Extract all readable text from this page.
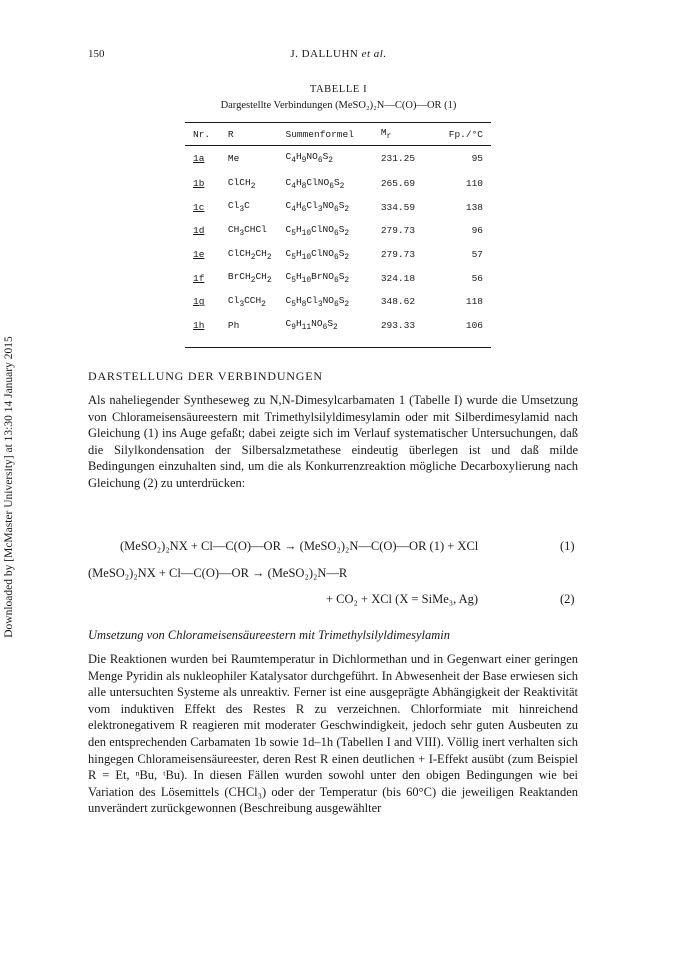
Downloaded by [McMaster University] at 13:30 14 January 2015
150	J. DALLUHN et al.
TABELLE I
Dargestellte Verbindungen (MeSO₂)₂N—C(O)—OR (1)
Nr.	R	Summenformel	$M_r$	Fp./°C
1a	Me	$C_4H_9NO_6S_2$	231.25	95
1b	ClCH$_2$	$C_4H_8ClNO_6S_2$	265.69	110
1c	$Cl_3C$	$C_4H_6Cl_3NO_6S_2$	334.59	138
1d	$CH_3CHCl$	$C_5H_{10}ClNO_6S_2$	279.73	96
1e	$ClCH_2CH_2$	$C_5H_{10}ClNO_6S_2$	279.73	57
1f	$BrCH_2CH_2$	$C_5H_{10}BrNO_6S_2$	324.18	56
1g	$Cl_3CCH_2$	$C_5H_8Cl_3NO_6S_2$	348.62	118
1h	Ph	$C_9H_{11}NO_6S_2$	293.33	106
DARSTELLUNG DER VERBINDUNGEN

Als naheliegender Syntheseweg zu N,N-Dimesylcarbamaten 1 (Tabelle I) wurde die Umsetzung von Chlorameisensäureestern mit Trimethylsilyldimesylamin oder mit Silberdimesylamid nach Gleichung (1) ins Auge gefaßt; dabei zeigte sich im Verlauf systematischer Untersuchungen, daß die Silylkondensation der Silbersalzmetathese eindeutig überlegen ist und daß milde Bedingungen einzuhalten sind, um die als Konkurrenzreaktion mögliche Decarboxylierung nach Gleichung (2) zu unterdrücken:

(MeSO₂)₂NX + Cl—C(O)—OR → (MeSO₂)₂N—C(O)—OR (1) + XCl	(1)
(MeSO₂)₂NX + Cl—C(O)—OR → (MeSO₂)₂N—R
+ CO₂ + XCl (X = SiMe₃, Ag)	(2)
Umsetzung von Chlorameisensäureestern mit Trimethylsilyldimesylamin

Die Reaktionen wurden bei Raumtemperatur in Dichlormethan und in Gegenwart einer geringen Menge Pyridin als nukleophiler Katalysator durchgeführt. In Abwesenheit der Base erwiesen sich alle untersuchten Systeme als unreaktiv. Ferner ist eine ausgeprägte Abhängigkeit der Reaktivität vom induktiven Effekt des Restes R zu verzeichnen. Chlorformiate mit hinreichend elektronegativem R reagieren mit moderater Geschwindigkeit, jedoch sehr guten Ausbeuten zu den entsprechenden Carbamaten 1b sowie 1d–1h (Tabellen I and VIII). Völlig inert verhalten sich hingegen Chlorameisensäureester, deren Rest R einen deutlichen + I-Effekt ausübt (zum Beispiel R = Et, ⁿBu, ᵗBu). In diesen Fällen wurden sowohl unter den obigen Bedingungen wie bei Variation des Lösemittels (CHCl₃) oder der Temperatur (bis 60°C) die jeweiligen Reaktanden unverändert zurückgewonnen (Beschreibung ausgewählter
